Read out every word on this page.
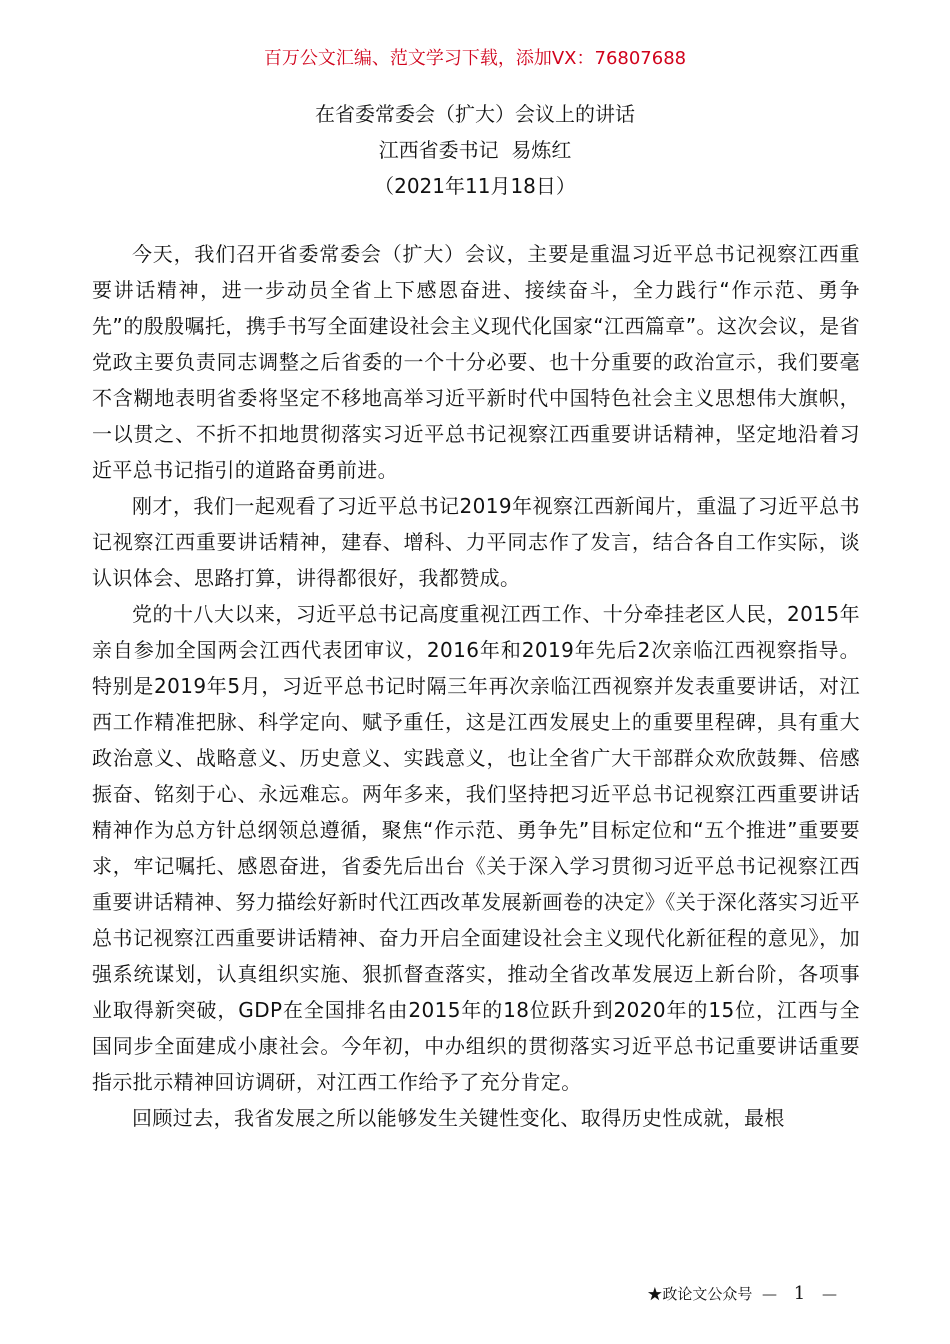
百万公文汇编、范文学习下载，添加VX：76807688
在省委常委会（扩大）会议上的讲话
江西省委书记  易炼红
（2021年11月18日）

今天，我们召开省委常委会（扩大）会议，主要是重温习近平总书记视察江西重要讲话精神，进一步动员全省上下感恩奋进、接续奋斗，全力践行“作示范、勇争先”的殷殷嘱托，携手书写全面建设社会主义现代化国家“江西篇章”。这次会议，是省党政主要负责同志调整之后省委的一个十分必要、也十分重要的政治宣示，我们要毫不含糊地表明省委将坚定不移地高举习近平新时代中国特色社会主义思想伟大旗帜，一以贯之、不折不扣地贯彻落实习近平总书记视察江西重要讲话精神，坚定地沿着习近平总书记指引的道路奋勇前进。

刚才，我们一起观看了习近平总书记2019年视察江西新闻片，重温了习近平总书记视察江西重要讲话精神，建春、增科、力平同志作了发言，结合各自工作实际，谈认识体会、思路打算，讲得都很好，我都赞成。

党的十八大以来，习近平总书记高度重视江西工作、十分牵挂老区人民，2015年亲自参加全国两会江西代表团审议，2016年和2019年先后2次亲临江西视察指导。特别是2019年5月，习近平总书记时隔三年再次亲临江西视察并发表重要讲话，对江西工作精准把脉、科学定向、赋予重任，这是江西发展史上的重要里程碑，具有重大政治意义、战略意义、历史意义、实践意义，也让全省广大干部群众欢欣鼓舞、倍感振奋、铭刻于心、永远难忘。两年多来，我们坚持把习近平总书记视察江西重要讲话精神作为总方针总纲领总遵循，聚焦“作示范、勇争先”目标定位和“五个推进”重要要求，牢记嘱托、感恩奋进，省委先后出台《关于深入学习贯彻习近平总书记视察江西重要讲话精神、努力描绘好新时代江西改革发展新画卷的决定》《关于深化落实习近平总书记视察江西重要讲话精神、奋力开启全面建设社会主义现代化新征程的意见》，加强系统谋划，认真组织实施、狠抓督查落实，推动全省改革发展迈上新台阶，各项事业取得新突破，GDP在全国排名由2015年的18位跃升到2020年的15位，江西与全国同步全面建成小康社会。今年初，中办组织的贯彻落实习近平总书记重要讲话重要指示批示精神回访调研，对江西工作给予了充分肯定。

回顾过去，我省发展之所以能够发生关键性变化、取得历史性成就，最根

★政论文公众号  — 1 —
